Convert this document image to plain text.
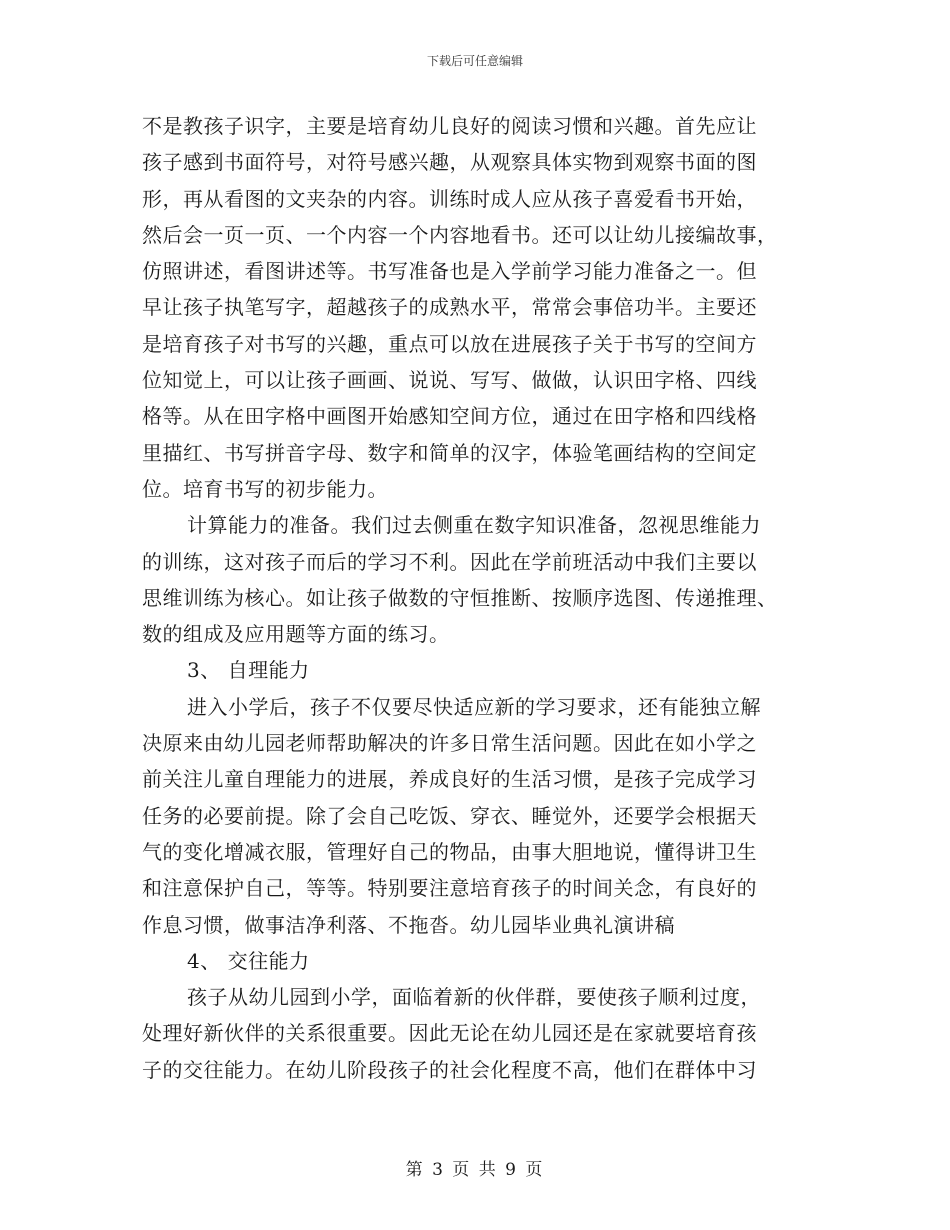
下载后可任意编辑
不是教孩子识字，主要是培育幼儿良好的阅读习惯和兴趣。首先应让
孩子感到书面符号，对符号感兴趣，从观察具体实物到观察书面的图
形，再从看图的文夹杂的内容。训练时成人应从孩子喜爱看书开始，
然后会一页一页、一个内容一个内容地看书。还可以让幼儿接编故事，
仿照讲述，看图讲述等。书写准备也是入学前学习能力准备之一。但
早让孩子执笔写字，超越孩子的成熟水平，常常会事倍功半。主要还
是培育孩子对书写的兴趣，重点可以放在进展孩子关于书写的空间方
位知觉上，可以让孩子画画、说说、写写、做做，认识田字格、四线
格等。从在田字格中画图开始感知空间方位，通过在田字格和四线格
里描红、书写拼音字母、数字和简单的汉字，体验笔画结构的空间定
位。培育书写的初步能力。
计算能力的准备。我们过去侧重在数字知识准备，忽视思维能力
的训练，这对孩子而后的学习不利。因此在学前班活动中我们主要以
思维训练为核心。如让孩子做数的守恒推断、按顺序选图、传递推理、
数的组成及应用题等方面的练习。
3、 自理能力
进入小学后，孩子不仅要尽快适应新的学习要求，还有能独立解
决原来由幼儿园老师帮助解决的许多日常生活问题。因此在如小学之
前关注儿童自理能力的进展，养成良好的生活习惯，是孩子完成学习
任务的必要前提。除了会自己吃饭、穿衣、睡觉外，还要学会根据天
气的变化增减衣服，管理好自己的物品，由事大胆地说，懂得讲卫生
和注意保护自己，等等。特别要注意培育孩子的时间关念，有良好的
作息习惯，做事洁净利落、不拖沓。幼儿园毕业典礼演讲稿
4、 交往能力
孩子从幼儿园到小学，面临着新的伙伴群，要使孩子顺利过度，
处理好新伙伴的关系很重要。因此无论在幼儿园还是在家就要培育孩
子的交往能力。在幼儿阶段孩子的社会化程度不高，他们在群体中习
第 3 页 共 9 页
